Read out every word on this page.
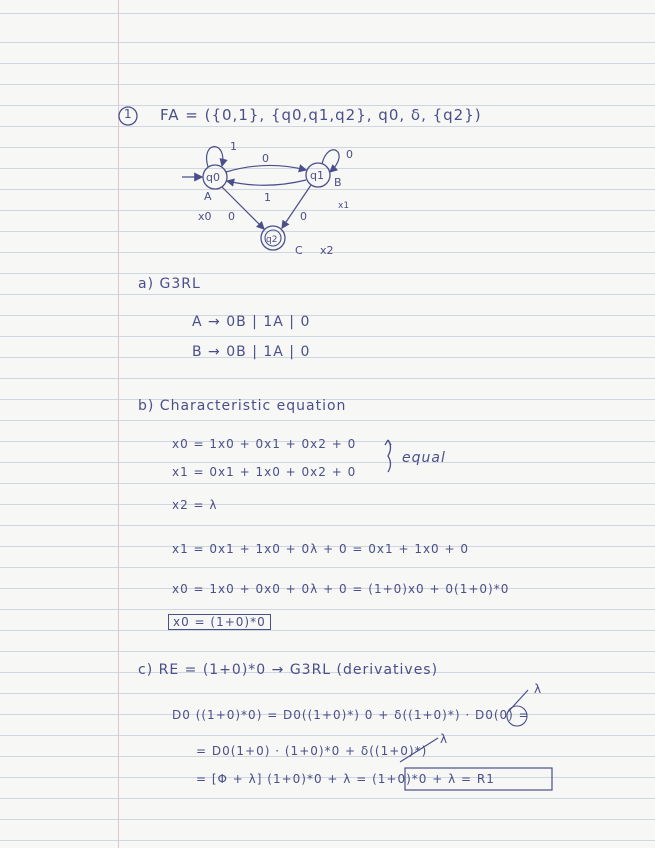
1 FA = ({0,1}, {q0,q1,q2}, q0, δ, {q2})
q0	q1
q2
A
B
C
x0
x1
x2
1
0	0
1
0	0
a) G3RL
A → 0B | 1A | 0
B → 0B | 1A | 0
b) Characteristic equation
x0 = 1x0 + 0x1 + 0x2 + 0
x1 = 0x1 + 1x0 + 0x2 + 0
x2 = λ
equal
x1 = 0x1 + 1x0 + 0λ + 0 = 0x1 + 1x0 + 0
x0 = 1x0 + 0x0 + 0λ + 0 = (1+0)x0 + 0(1+0)*0
x0 = (1+0)*0
c) RE = (1+0)*0 → G3RL (derivatives)
D0 ((1+0)*0) = D0((1+0)*) 0 + δ((1+0)*) · D0(0) =
λ
λ
= D0(1+0) · (1+0)*0 + δ((1+0)*)
= [Φ + λ] (1+0)*0 + λ = (1+0)*0 + λ = R1
